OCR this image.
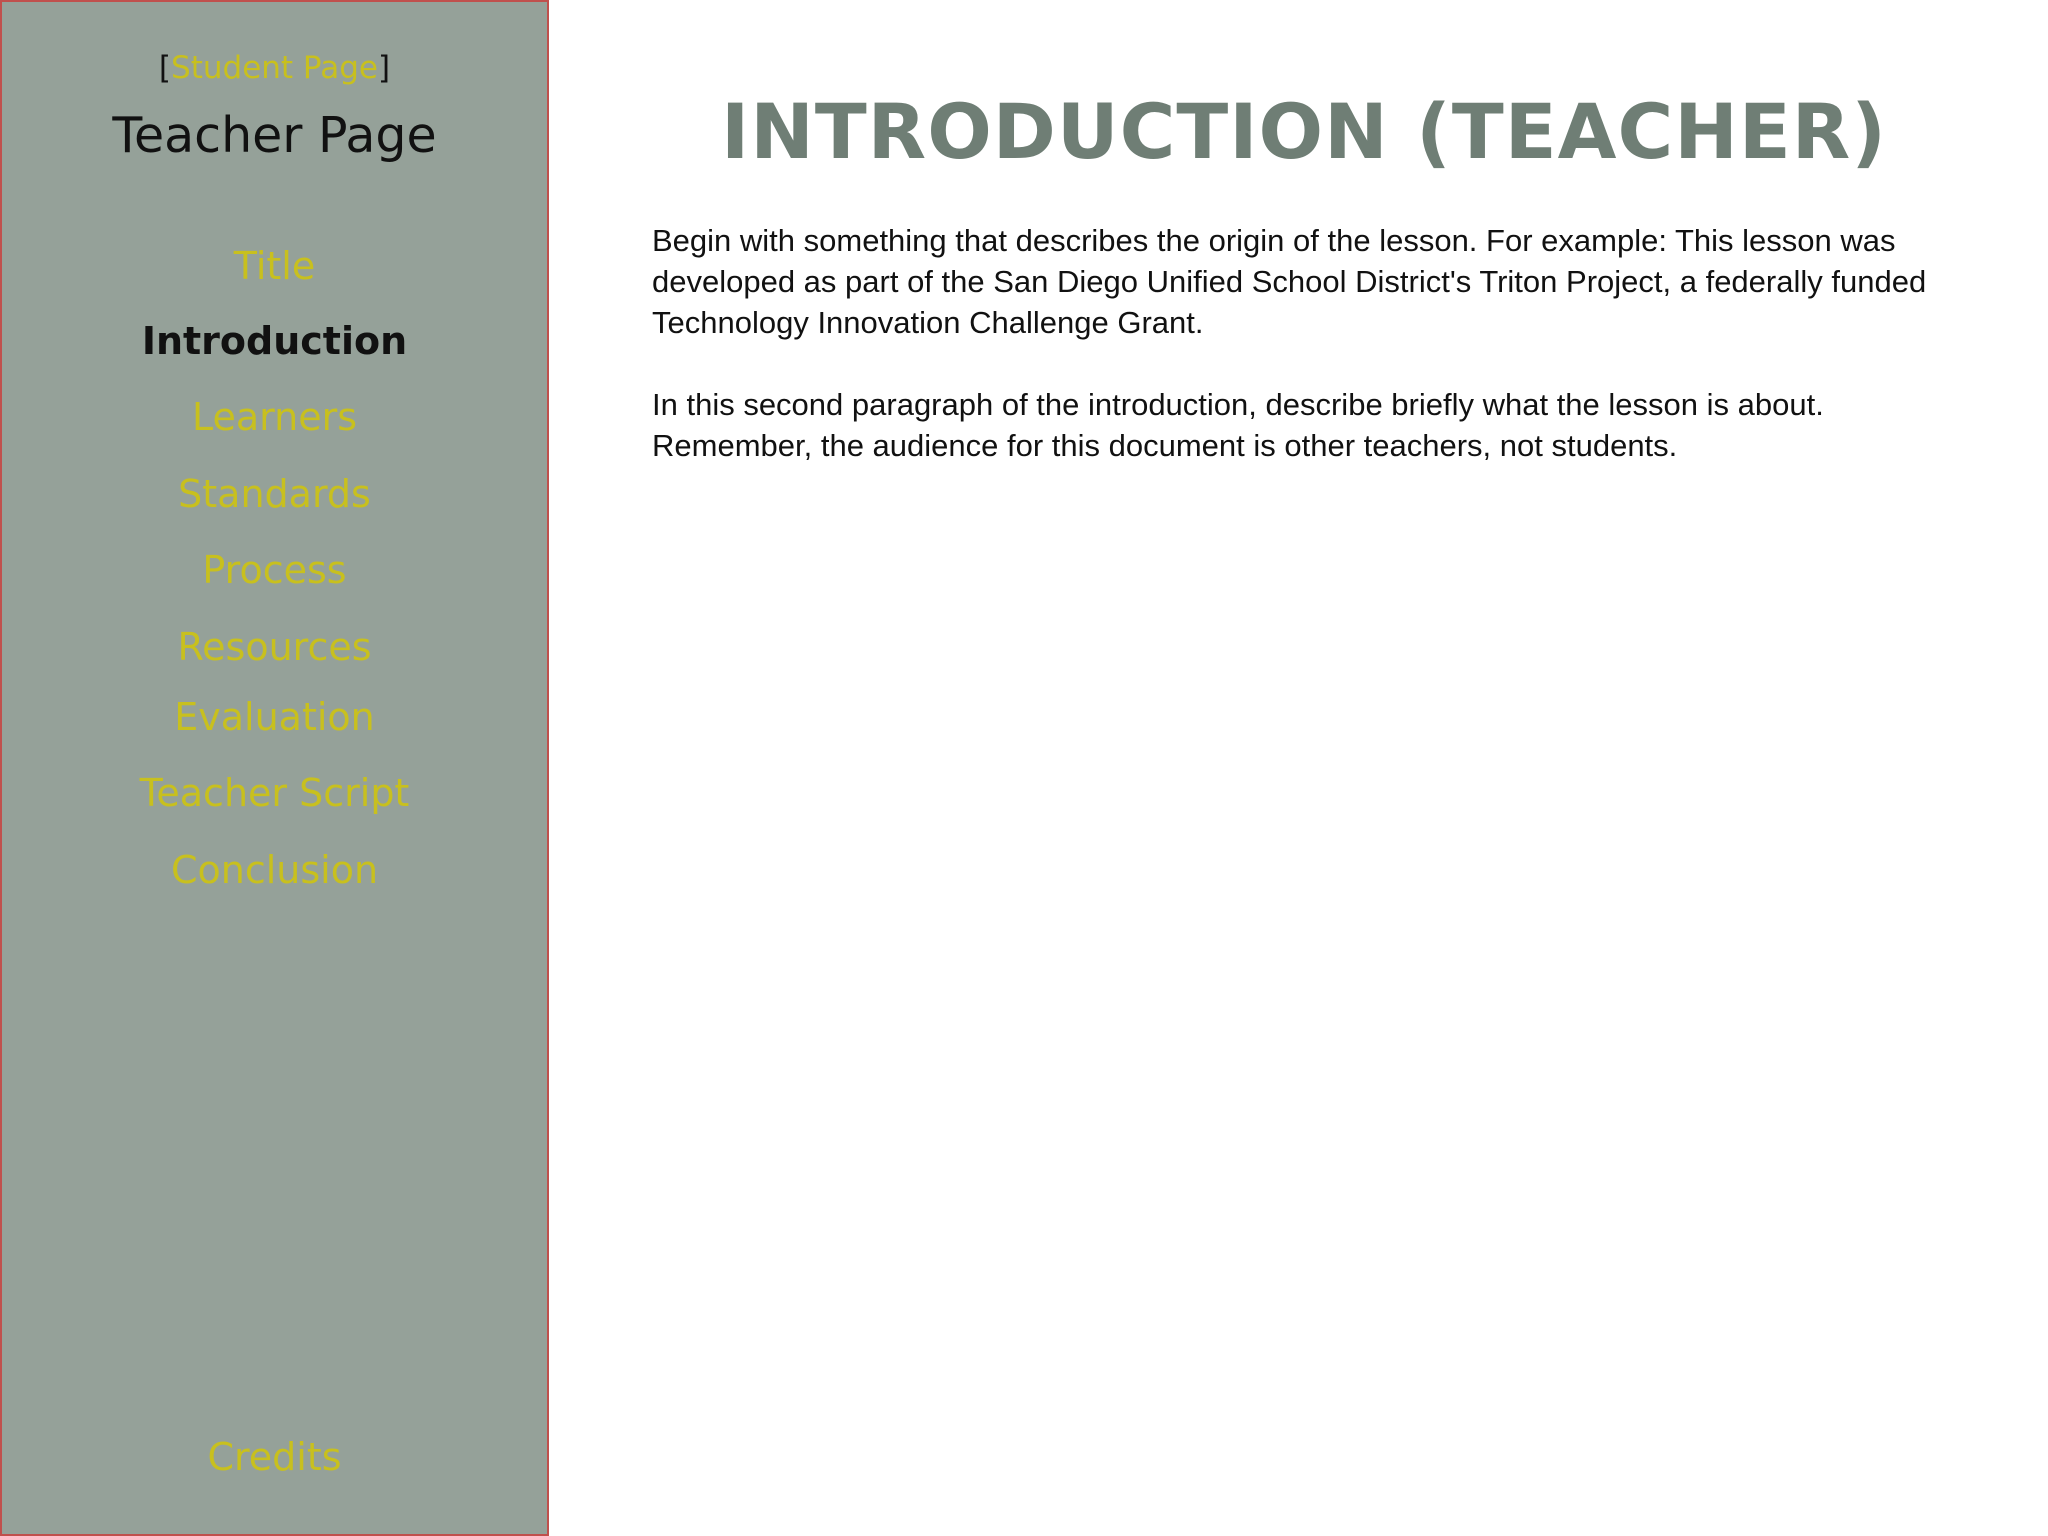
[Student Page]
Teacher Page
Title
Introduction
Learners
Standards
Process
Resources
Evaluation
Teacher Script
Conclusion
Credits
INTRODUCTION (TEACHER)

Begin with something that describes the origin of the lesson. For example: This lesson was developed as part of the San Diego Unified School District's Triton Project, a federally funded Technology Innovation Challenge Grant.

In this second paragraph of the introduction, describe briefly what the lesson is about. Remember, the audience for this document is other teachers, not students.
